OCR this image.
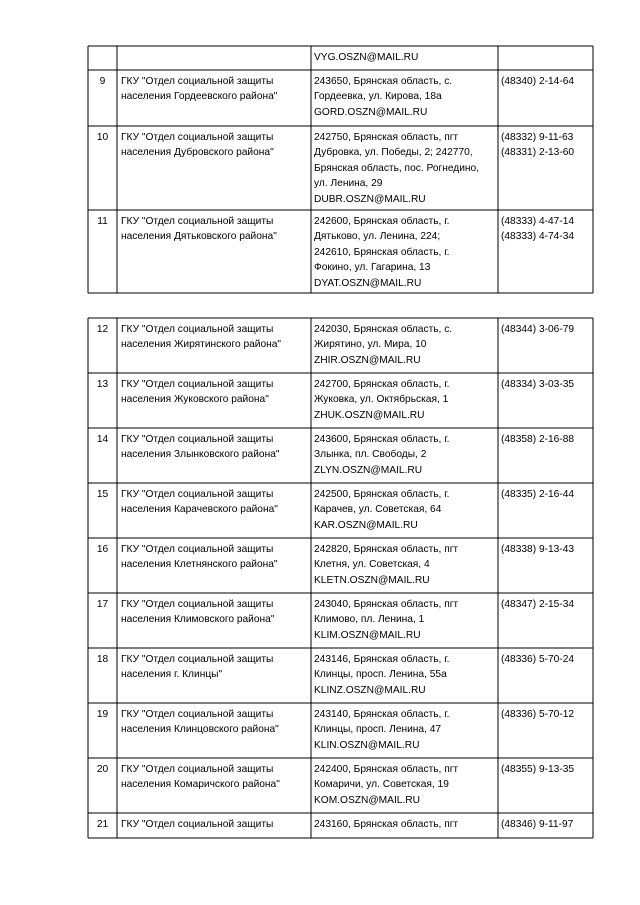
VYG.OSZN@MAIL.RU
9 ГКУ "Отдел социальной защиты
населения Гордеевского района"
243650, Брянская область, с.
Гордеевка, ул. Кирова, 18а
GORD.OSZN@MAIL.RU
(48340) 2-14-64
10 ГКУ "Отдел социальной защиты
населения Дубровского района"
242750, Брянская область, пгт
Дубровка, ул. Победы, 2; 242770,
Брянская область, пос. Рогнедино,
ул. Ленина, 29
DUBR.OSZN@MAIL.RU
(48332) 9-11-63
(48331) 2-13-60
11 ГКУ "Отдел социальной защиты
населения Дятьковского района"
242600, Брянская область, г.
Дятьково, ул. Ленина, 224;
242610, Брянская область, г.
Фокино, ул. Гагарина, 13
DYAT.OSZN@MAIL.RU
(48333) 4-47-14
(48333) 4-74-34
12 ГКУ "Отдел социальной защиты
населения Жирятинского района"
242030, Брянская область, с.
Жирятино, ул. Мира, 10
ZHIR.OSZN@MAIL.RU
(48344) 3-06-79
13 ГКУ "Отдел социальной защиты
населения Жуковского района"
242700, Брянская область, г.
Жуковка, ул. Октябрьская, 1
ZHUK.OSZN@MAIL.RU
(48334) 3-03-35
14 ГКУ "Отдел социальной защиты
населения Злынковского района"
243600, Брянская область, г.
Злынка, пл. Свободы, 2
ZLYN.OSZN@MAIL.RU
(48358) 2-16-88
15 ГКУ "Отдел социальной защиты
населения Карачевского района"
242500, Брянская область, г.
Карачев, ул. Советская, 64
KAR.OSZN@MAIL.RU
(48335) 2-16-44
16 ГКУ "Отдел социальной защиты
населения Клетнянского района"
242820, Брянская область, пгт
Клетня, ул. Советская, 4
KLETN.OSZN@MAIL.RU
(48338) 9-13-43
17 ГКУ "Отдел социальной защиты
населения Климовского района"
243040, Брянская область, пгт
Климово, пл. Ленина, 1
KLIM.OSZN@MAIL.RU
(48347) 2-15-34
18 ГКУ "Отдел социальной защиты
населения г. Клинцы"
243146, Брянская область, г.
Клинцы, просп. Ленина, 55а
KLINZ.OSZN@MAIL.RU
(48336) 5-70-24
19 ГКУ "Отдел социальной защиты
населения Клинцовского района"
243140, Брянская область, г.
Клинцы, просп. Ленина, 47
KLIN.OSZN@MAIL.RU
(48336) 5-70-12
20 ГКУ "Отдел социальной защиты
населения Комаричского района"
242400, Брянская область, пгт
Комаричи, ул. Советская, 19
KOM.OSZN@MAIL.RU
(48355) 9-13-35
21 ГКУ "Отдел социальной защиты	243160, Брянская область, пгт	(48346) 9-11-97
